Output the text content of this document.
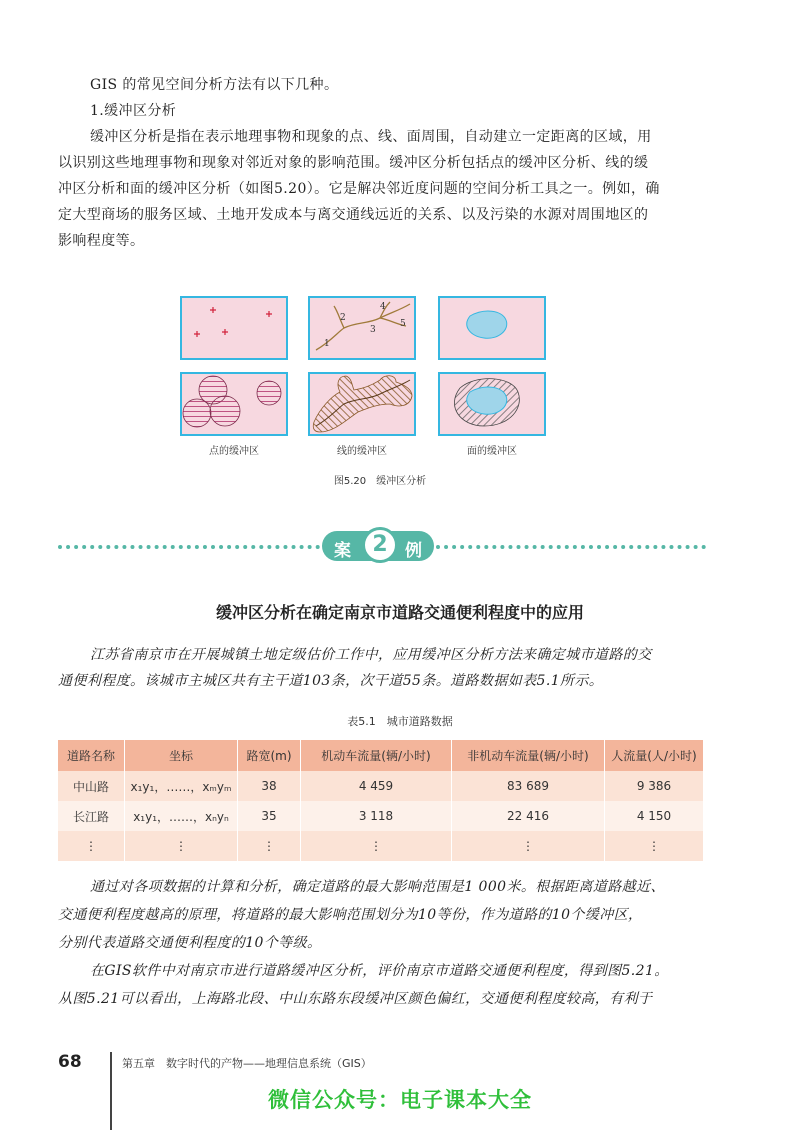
GIS 的常见空间分析方法有以下几种。
1.缓冲区分析
缓冲区分析是指在表示地理事物和现象的点、线、面周围，自动建立一定距离的区域，用
以识别这些地理事物和现象对邻近对象的影响范围。缓冲区分析包括点的缓冲区分析、线的缓
冲区分析和面的缓冲区分析（如图5.20）。它是解决邻近度问题的空间分析工具之一。例如，确
定大型商场的服务区域、土地开发成本与离交通线远近的关系、以及污染的水源对周围地区的
影响程度等。
1
2
3
4
5
点的缓冲区	线的缓冲区	面的缓冲区
图5.20　缓冲区分析
案	例
2
缓冲区分析在确定南京市道路交通便利程度中的应用
江苏省南京市在开展城镇土地定级估价工作中，应用缓冲区分析方法来确定城市道路的交
通便利程度。该城市主城区共有主干道103条，次干道55条。道路数据如表5.1所示。
表5.1　城市道路数据
道路名称	坐标	路宽(m)	机动车流量(辆/小时)	非机动车流量(辆/小时)	人流量(人/小时)
中山路	x₁y₁，……，xₘyₘ	38	4 459	83 689	9 386
长江路	x₁y₁，……，xₙyₙ	35	3 118	22 416	4 150
⋮	⋮	⋮	⋮	⋮	⋮
通过对各项数据的计算和分析，确定道路的最大影响范围是1 000米。根据距离道路越近、
交通便利程度越高的原理，将道路的最大影响范围划分为10等份，作为道路的10个缓冲区，
分别代表道路交通便利程度的10个等级。
在GIS软件中对南京市进行道路缓冲区分析，评价南京市道路交通便利程度，得到图5.21。
从图5.21可以看出，上海路北段、中山东路东段缓冲区颜色偏红，交通便利程度较高，有利于
68	第五章　数字时代的产物——地理信息系统（GIS）
微信公众号：电子课本大全
